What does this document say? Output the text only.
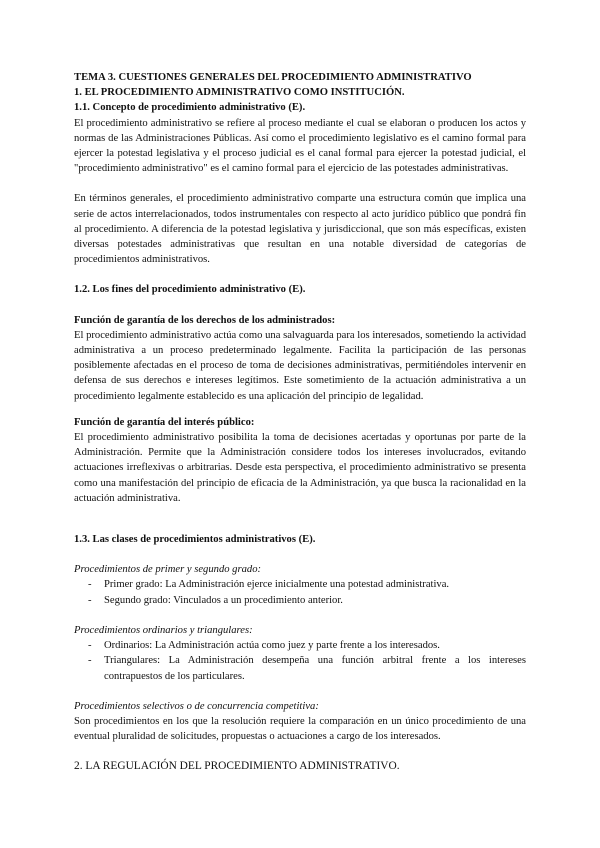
TEMA 3. CUESTIONES GENERALES DEL PROCEDIMIENTO ADMINISTRATIVO
1. EL PROCEDIMIENTO ADMINISTRATIVO COMO INSTITUCIÓN.
1.1. Concepto de procedimiento administrativo (E).

El procedimiento administrativo se refiere al proceso mediante el cual se elaboran o producen los actos y normas de las Administraciones Públicas. Así como el procedimiento legislativo es el camino formal para ejercer la potestad legislativa y el proceso judicial es el canal formal para ejercer la potestad judicial, el "procedimiento administrativo" es el camino formal para el ejercicio de las potestades administrativas.

En términos generales, el procedimiento administrativo comparte una estructura común que implica una serie de actos interrelacionados, todos instrumentales con respecto al acto jurídico público que pondrá fin al procedimiento. A diferencia de la potestad legislativa y jurisdiccional, que son más específicas, existen diversas potestades administrativas que resultan en una notable diversidad de categorías de procedimientos administrativos.

1.2. Los fines del procedimiento administrativo (E).
Función de garantía de los derechos de los administrados:

El procedimiento administrativo actúa como una salvaguarda para los interesados, sometiendo la actividad administrativa a un proceso predeterminado legalmente. Facilita la participación de las personas posiblemente afectadas en el proceso de toma de decisiones administrativas, permitiéndoles intervenir en defensa de sus derechos e intereses legítimos. Este sometimiento de la actuación administrativa a un procedimiento legalmente establecido es una aplicación del principio de legalidad.

Función de garantía del interés público:

El procedimiento administrativo posibilita la toma de decisiones acertadas y oportunas por parte de la Administración. Permite que la Administración considere todos los intereses involucrados, evitando actuaciones irreflexivas o arbitrarias. Desde esta perspectiva, el procedimiento administrativo se presenta como una manifestación del principio de eficacia de la Administración, ya que busca la racionalidad en la actuación administrativa.

1.3. Las clases de procedimientos administrativos (E).
Procedimientos de primer y segundo grado:
- Primer grado: La Administración ejerce inicialmente una potestad administrativa.
- Segundo grado: Vinculados a un procedimiento anterior.
Procedimientos ordinarios y triangulares:
- Ordinarios: La Administración actúa como juez y parte frente a los interesados.
- Triangulares: La Administración desempeña una función arbitral frente a los intereses contrapuestos de los particulares.
Procedimientos selectivos o de concurrencia competitiva:

Son procedimientos en los que la resolución requiere la comparación en un único procedimiento de una eventual pluralidad de solicitudes, propuestas o actuaciones a cargo de los interesados.

2. LA REGULACIÓN DEL PROCEDIMIENTO ADMINISTRATIVO.
